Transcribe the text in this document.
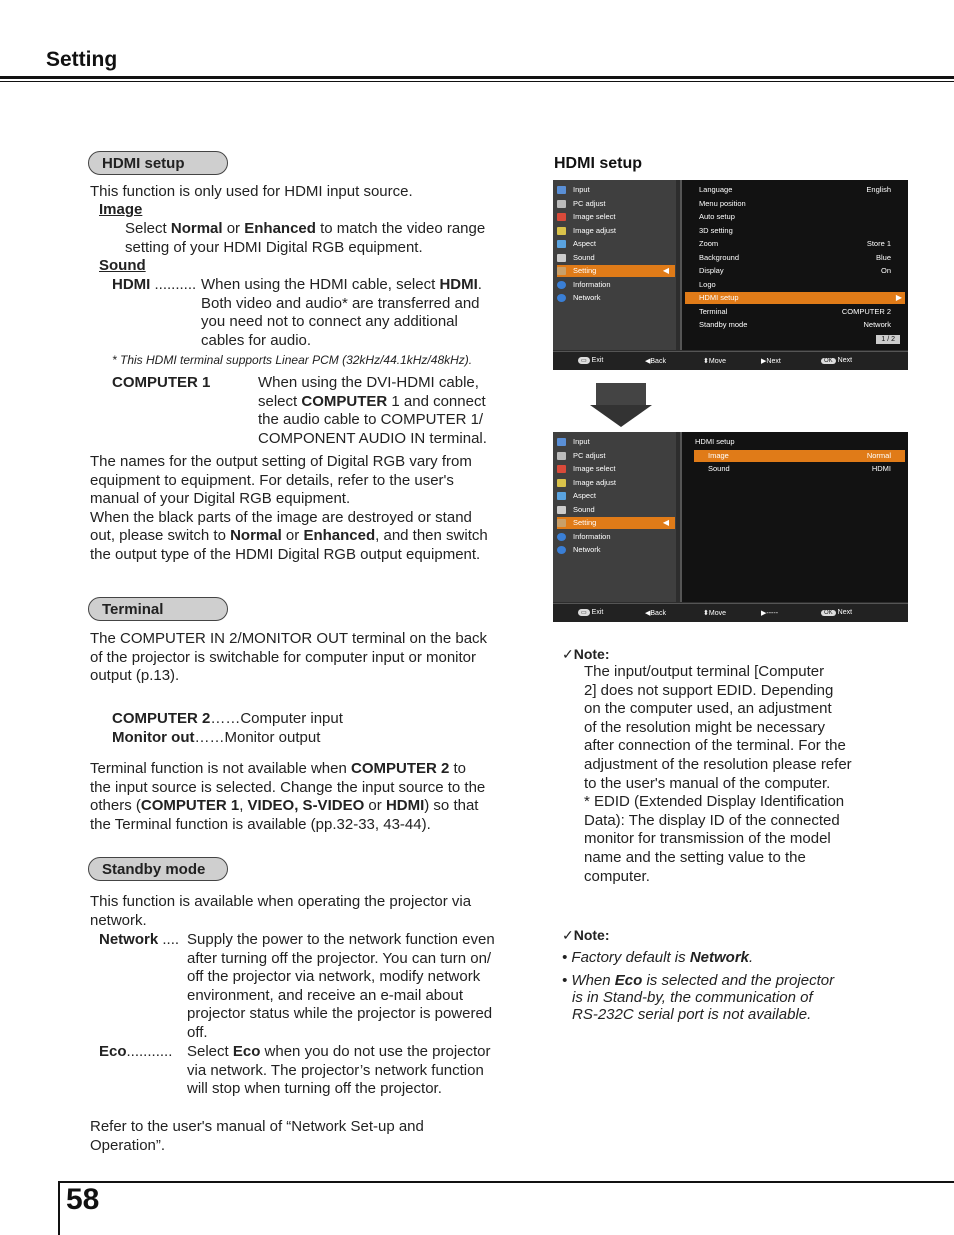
Setting
HDMI setup
This function is only used for HDMI input source.
Image
Select Normal or Enhanced to match the video range
setting of your HDMI Digital RGB equipment.
Sound
HDMI .......... When using the HDMI cable, select HDMI.
Both video and audio* are transferred and
you need not to connect any additional
cables for audio.
* This HDMI terminal supports Linear PCM (32kHz/44.1kHz/48kHz).
COMPUTER 1	When using the DVI-HDMI cable,
select COMPUTER 1 and connect
the audio cable to COMPUTER 1/
COMPONENT AUDIO IN terminal.
The names for the output setting of Digital RGB vary from
equipment to equipment. For details, refer to the user's
manual of your Digital RGB equipment.
When the black parts of the image are destroyed or stand
out, please switch to Normal or Enhanced, and then switch
the output type of the HDMI Digital RGB output equipment.
Terminal
The COMPUTER IN 2/MONITOR OUT terminal on the back
of the projector is switchable for computer input or monitor
output (p.13).
COMPUTER 2……Computer input
Monitor out……Monitor output
Terminal function is not available when COMPUTER 2 to
the input source is selected. Change the input source to the
others (COMPUTER 1, VIDEO, S-VIDEO or HDMI) so that
the Terminal function is available (pp.32-33, 43-44).
Standby mode
This function is available when operating the projector via
network.
Network .... Supply the power to the network function even
after turning off the projector. You can turn on/
off the projector via network, modify network
environment, and receive an e-mail about
projector status while the projector is powered
off.
Eco........... Select Eco when you do not use the projector
via network. The projector’s network function
will stop when turning off the projector.
Refer to the user's manual of “Network Set-up and
Operation”.
HDMI setup
Input
PC adjust
Image select
Image adjust
Aspect
Sound
Setting	◀
Information
Network
Language	English
Menu position
Auto setup
3D setting
Zoom	Store 1
Background	Blue
Display	On
Logo
HDMI setup	▶
Terminal	COMPUTER 2
Standby mode	Network
1 / 2
▭ Exit	◀Back	⬍Move	▶Next	OK Next
Input
PC adjust
Image select
Image adjust
Aspect
Sound
Setting	◀
Information
Network
HDMI setup
Image	Normal
Sound	HDMI
▭ Exit	◀Back	⬍Move	▶-----	OK Next
✓Note:
The input/output terminal [Computer
2] does not support EDID. Depending
on the computer used, an adjustment
of the resolution might be necessary
after connection of the terminal. For the
adjustment of the resolution please refer
to the user's manual of the computer.
* EDID (Extended Display Identification
Data): The display ID of the connected
monitor for transmission of the model
name and the setting value to the
computer.
✓Note:
• Factory default is Network.
• When Eco is selected and the projector
is in Stand-by, the communication of
RS-232C serial port is not available.
58
